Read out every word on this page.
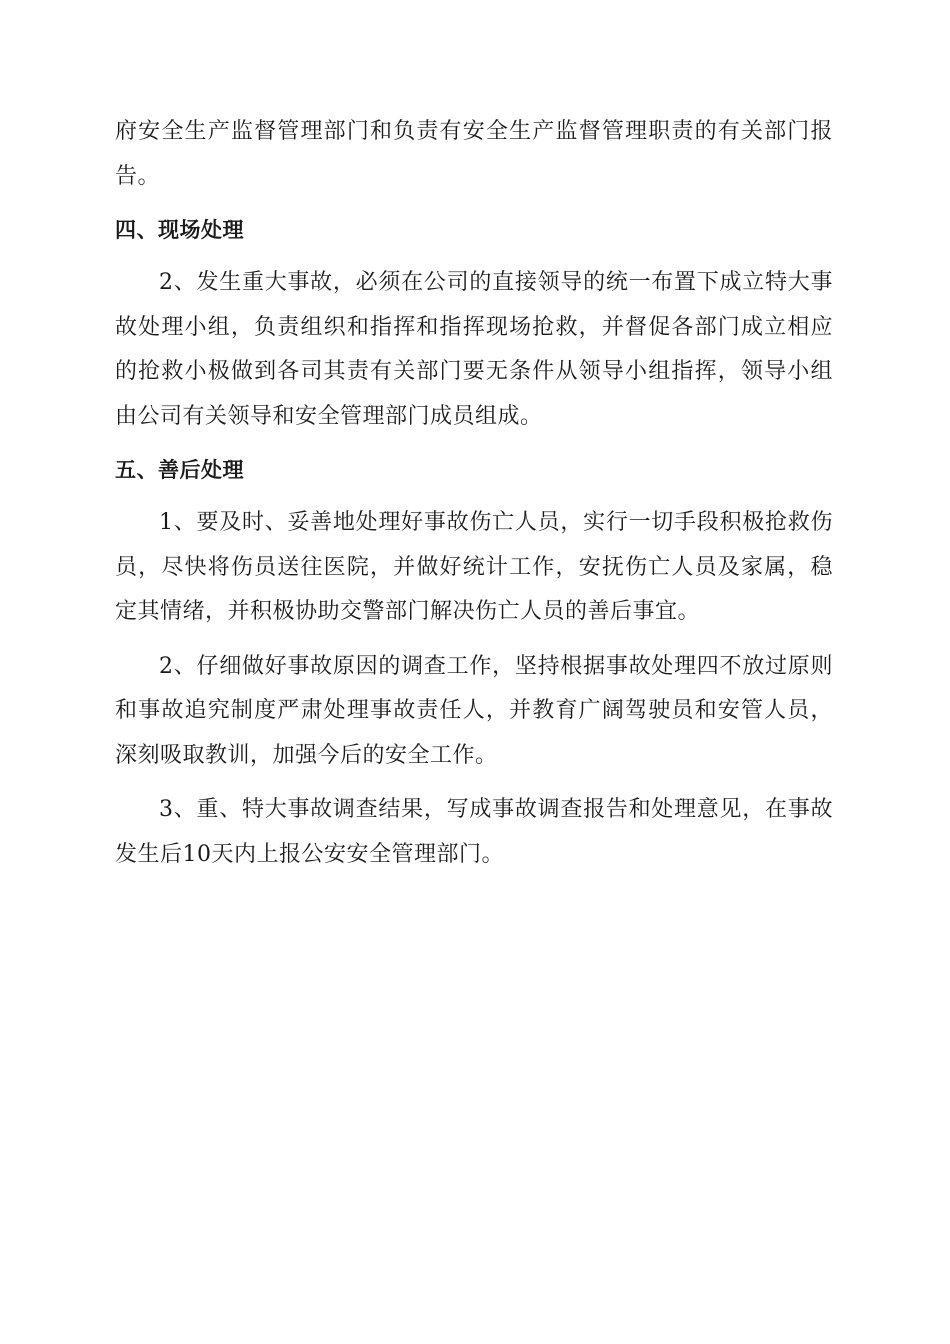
府安全生产监督管理部门和负责有安全生产监督管理职责的有关部门报告。

四、现场处理

2、发生重大事故，必须在公司的直接领导的统一布置下成立特大事故处理小组，负责组织和指挥和指挥现场抢救，并督促各部门成立相应的抢救小极做到各司其责有关部门要无条件从领导小组指挥，领导小组由公司有关领导和安全管理部门成员组成。

五、善后处理

1、要及时、妥善地处理好事故伤亡人员，实行一切手段积极抢救伤员，尽快将伤员送往医院，并做好统计工作，安抚伤亡人员及家属，稳定其情绪，并积极协助交警部门解决伤亡人员的善后事宜。

2、仔细做好事故原因的调查工作，坚持根据事故处理四不放过原则和事故追究制度严肃处理事故责任人，并教育广阔驾驶员和安管人员，深刻吸取教训，加强今后的安全工作。

3、重、特大事故调查结果，写成事故调查报告和处理意见，在事故发生后10天内上报公安安全管理部门。
